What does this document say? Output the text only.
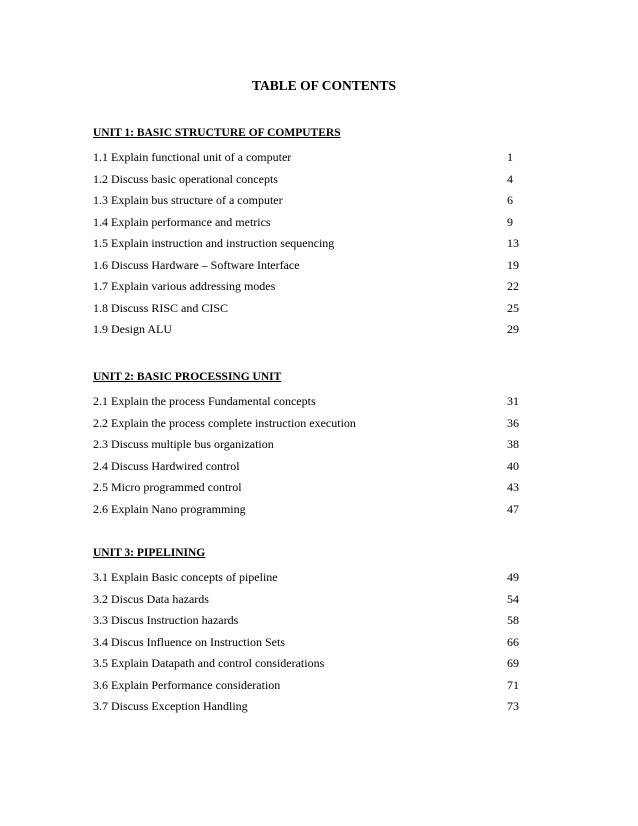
TABLE OF CONTENTS
UNIT 1: BASIC STRUCTURE OF COMPUTERS
1.1 Explain functional unit of a computer	1
1.2 Discuss basic operational concepts	4
1.3 Explain bus structure of a computer	6
1.4 Explain performance and metrics	9
1.5 Explain instruction and instruction sequencing	13
1.6 Discuss Hardware – Software Interface	19
1.7 Explain various addressing modes	22
1.8 Discuss RISC and CISC	25
1.9 Design ALU	29
UNIT 2: BASIC PROCESSING UNIT
2.1 Explain the process Fundamental concepts	31
2.2 Explain the process complete instruction execution	36
2.3 Discuss multiple bus organization	38
2.4 Discuss Hardwired control	40
2.5 Micro programmed control	43
2.6 Explain Nano programming	47
UNIT 3: PIPELINING
3.1 Explain Basic concepts of pipeline	49
3.2 Discus Data hazards	54
3.3 Discus Instruction hazards	58
3.4 Discus Influence on Instruction Sets	66
3.5 Explain Datapath and control considerations	69
3.6 Explain Performance consideration	71
3.7 Discuss Exception Handling	73
